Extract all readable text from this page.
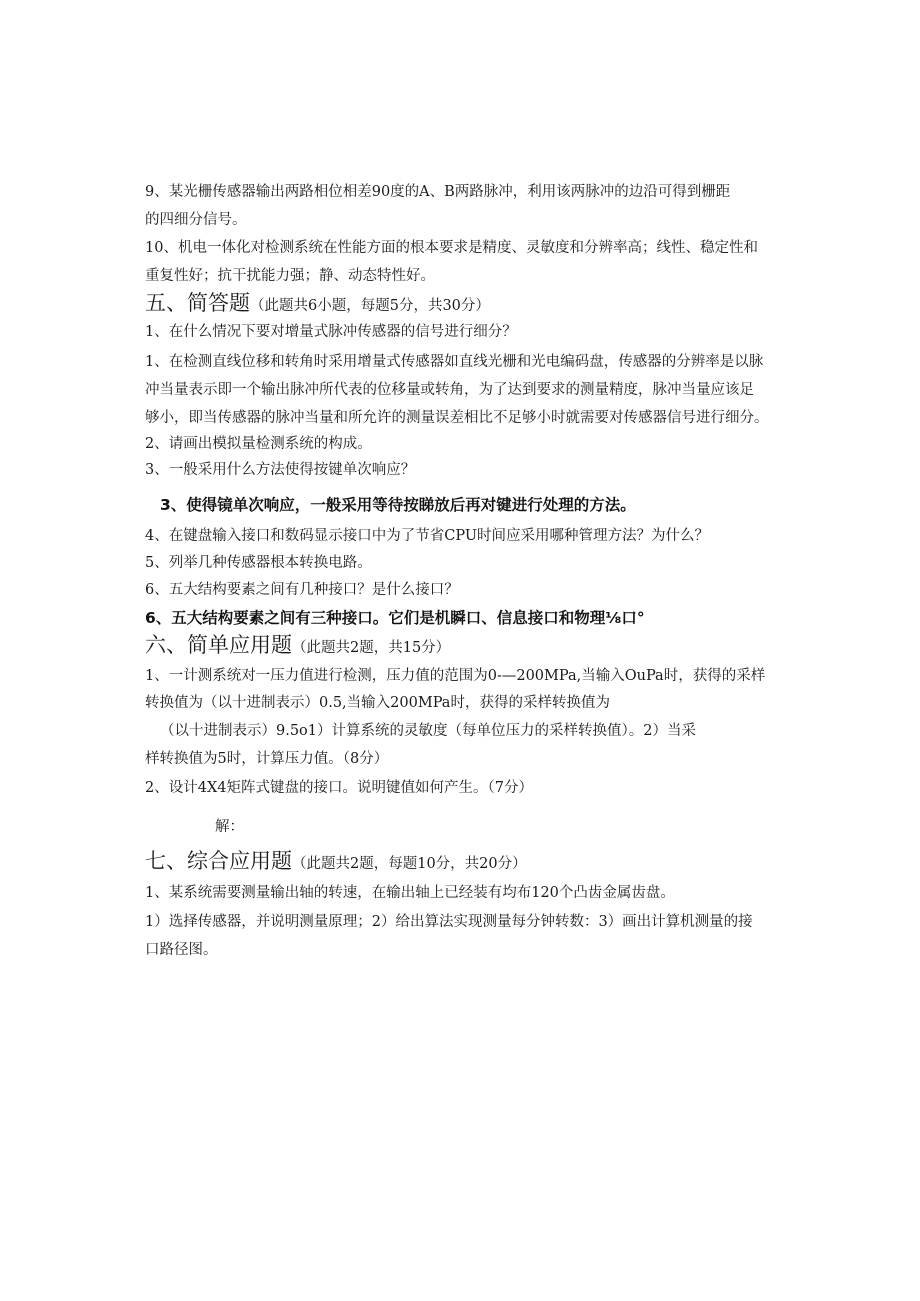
9、某光栅传感器输出两路相位相差90度的A、B两路脉冲，利用该两脉冲的边沿可得到栅距
的四细分信号。
10、机电一体化对检测系统在性能方面的根本要求是精度、灵敏度和分辨率高；线性、稳定性和
重复性好；抗干扰能力强；静、动态特性好。
五、简答题（此题共6小题，每题5分，共30分）
1、在什么情况下要对增量式脉冲传感器的信号进行细分？
1、在检测直线位移和转角时采用增量式传感器如直线光栅和光电编码盘，传感器的分辨率是以脉
冲当量表示即一个输出脉冲所代表的位移量或转角，为了达到要求的测量精度，脉冲当量应该足
够小，即当传感器的脉冲当量和所允许的测量误差相比不足够小时就需要对传感器信号进行细分。
2、请画出模拟量检测系统的构成。
3、一般采用什么方法使得按键单次响应？
3、使得镜单次响应，一般采用等待按睇放后再对键进行处理的方法。
4、在键盘输入接口和数码显示接口中为了节省CPU时间应采用哪种管理方法？为什么？
5、列举几种传感器根本转换电路。
6、五大结构要素之间有几种接口？是什么接口？
6、五大结构要素之间有三种接口。它们是机瞬口、信息接口和物理⅛口°
六、简单应用题（此题共2题，共15分）
1、一计测系统对一压力值进行检测，压力值的范围为0-—200MPa,当输入OuPa时，获得的采样
转换值为（以十进制表示）0.5,当输入200MPa时，获得的采样转换值为
（以十进制表示）9.5o1）计算系统的灵敏度（每单位压力的采样转换值）。2）当采
样转换值为5时，计算压力值。（8分）
2、设计4X4矩阵式键盘的接口。说明键值如何产生。（7分）
解：
七、综合应用题（此题共2题，每题10分，共20分）
1、某系统需要测量输出轴的转速，在输出轴上已经装有均布120个凸齿金属齿盘。
1）选择传感器，并说明测量原理；2）给出算法实现测量每分钟转数：3）画出计算机测量的接
口路径图。
